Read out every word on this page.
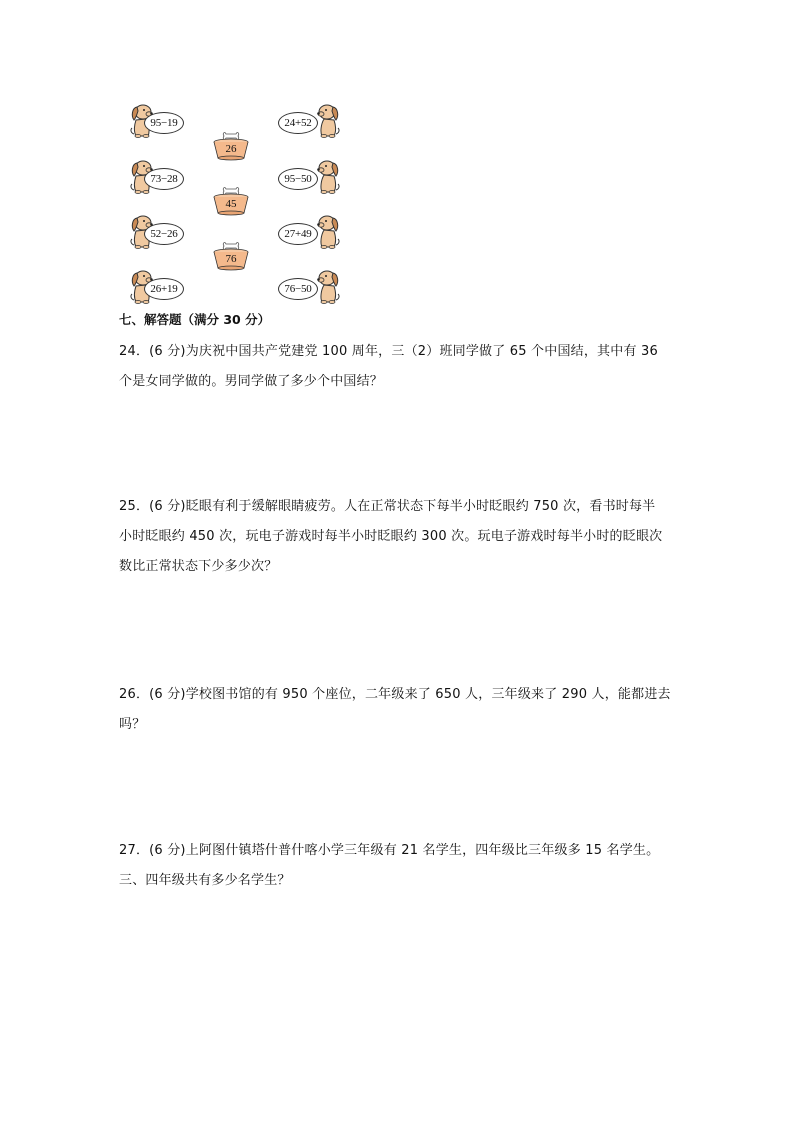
95−19
73−28
52−26
26+19
26
45
76
24+52
95−50
27+49
76−50
七、解答题（满分 30 分）
24．(6 分)为庆祝中国共产党建党 100 周年，三（2）班同学做了 65 个中国结，其中有 36
个是女同学做的。男同学做了多少个中国结？
25．(6 分)眨眼有利于缓解眼睛疲劳。人在正常状态下每半小时眨眼约 750 次，看书时每半
小时眨眼约 450 次，玩电子游戏时每半小时眨眼约 300 次。玩电子游戏时每半小时的眨眼次
数比正常状态下少多少次？
26．(6 分)学校图书馆的有 950 个座位，二年级来了 650 人，三年级来了 290 人，能都进去
吗？
27．(6 分)上阿图什镇塔什普什喀小学三年级有 21 名学生，四年级比三年级多 15 名学生。
三、四年级共有多少名学生？
